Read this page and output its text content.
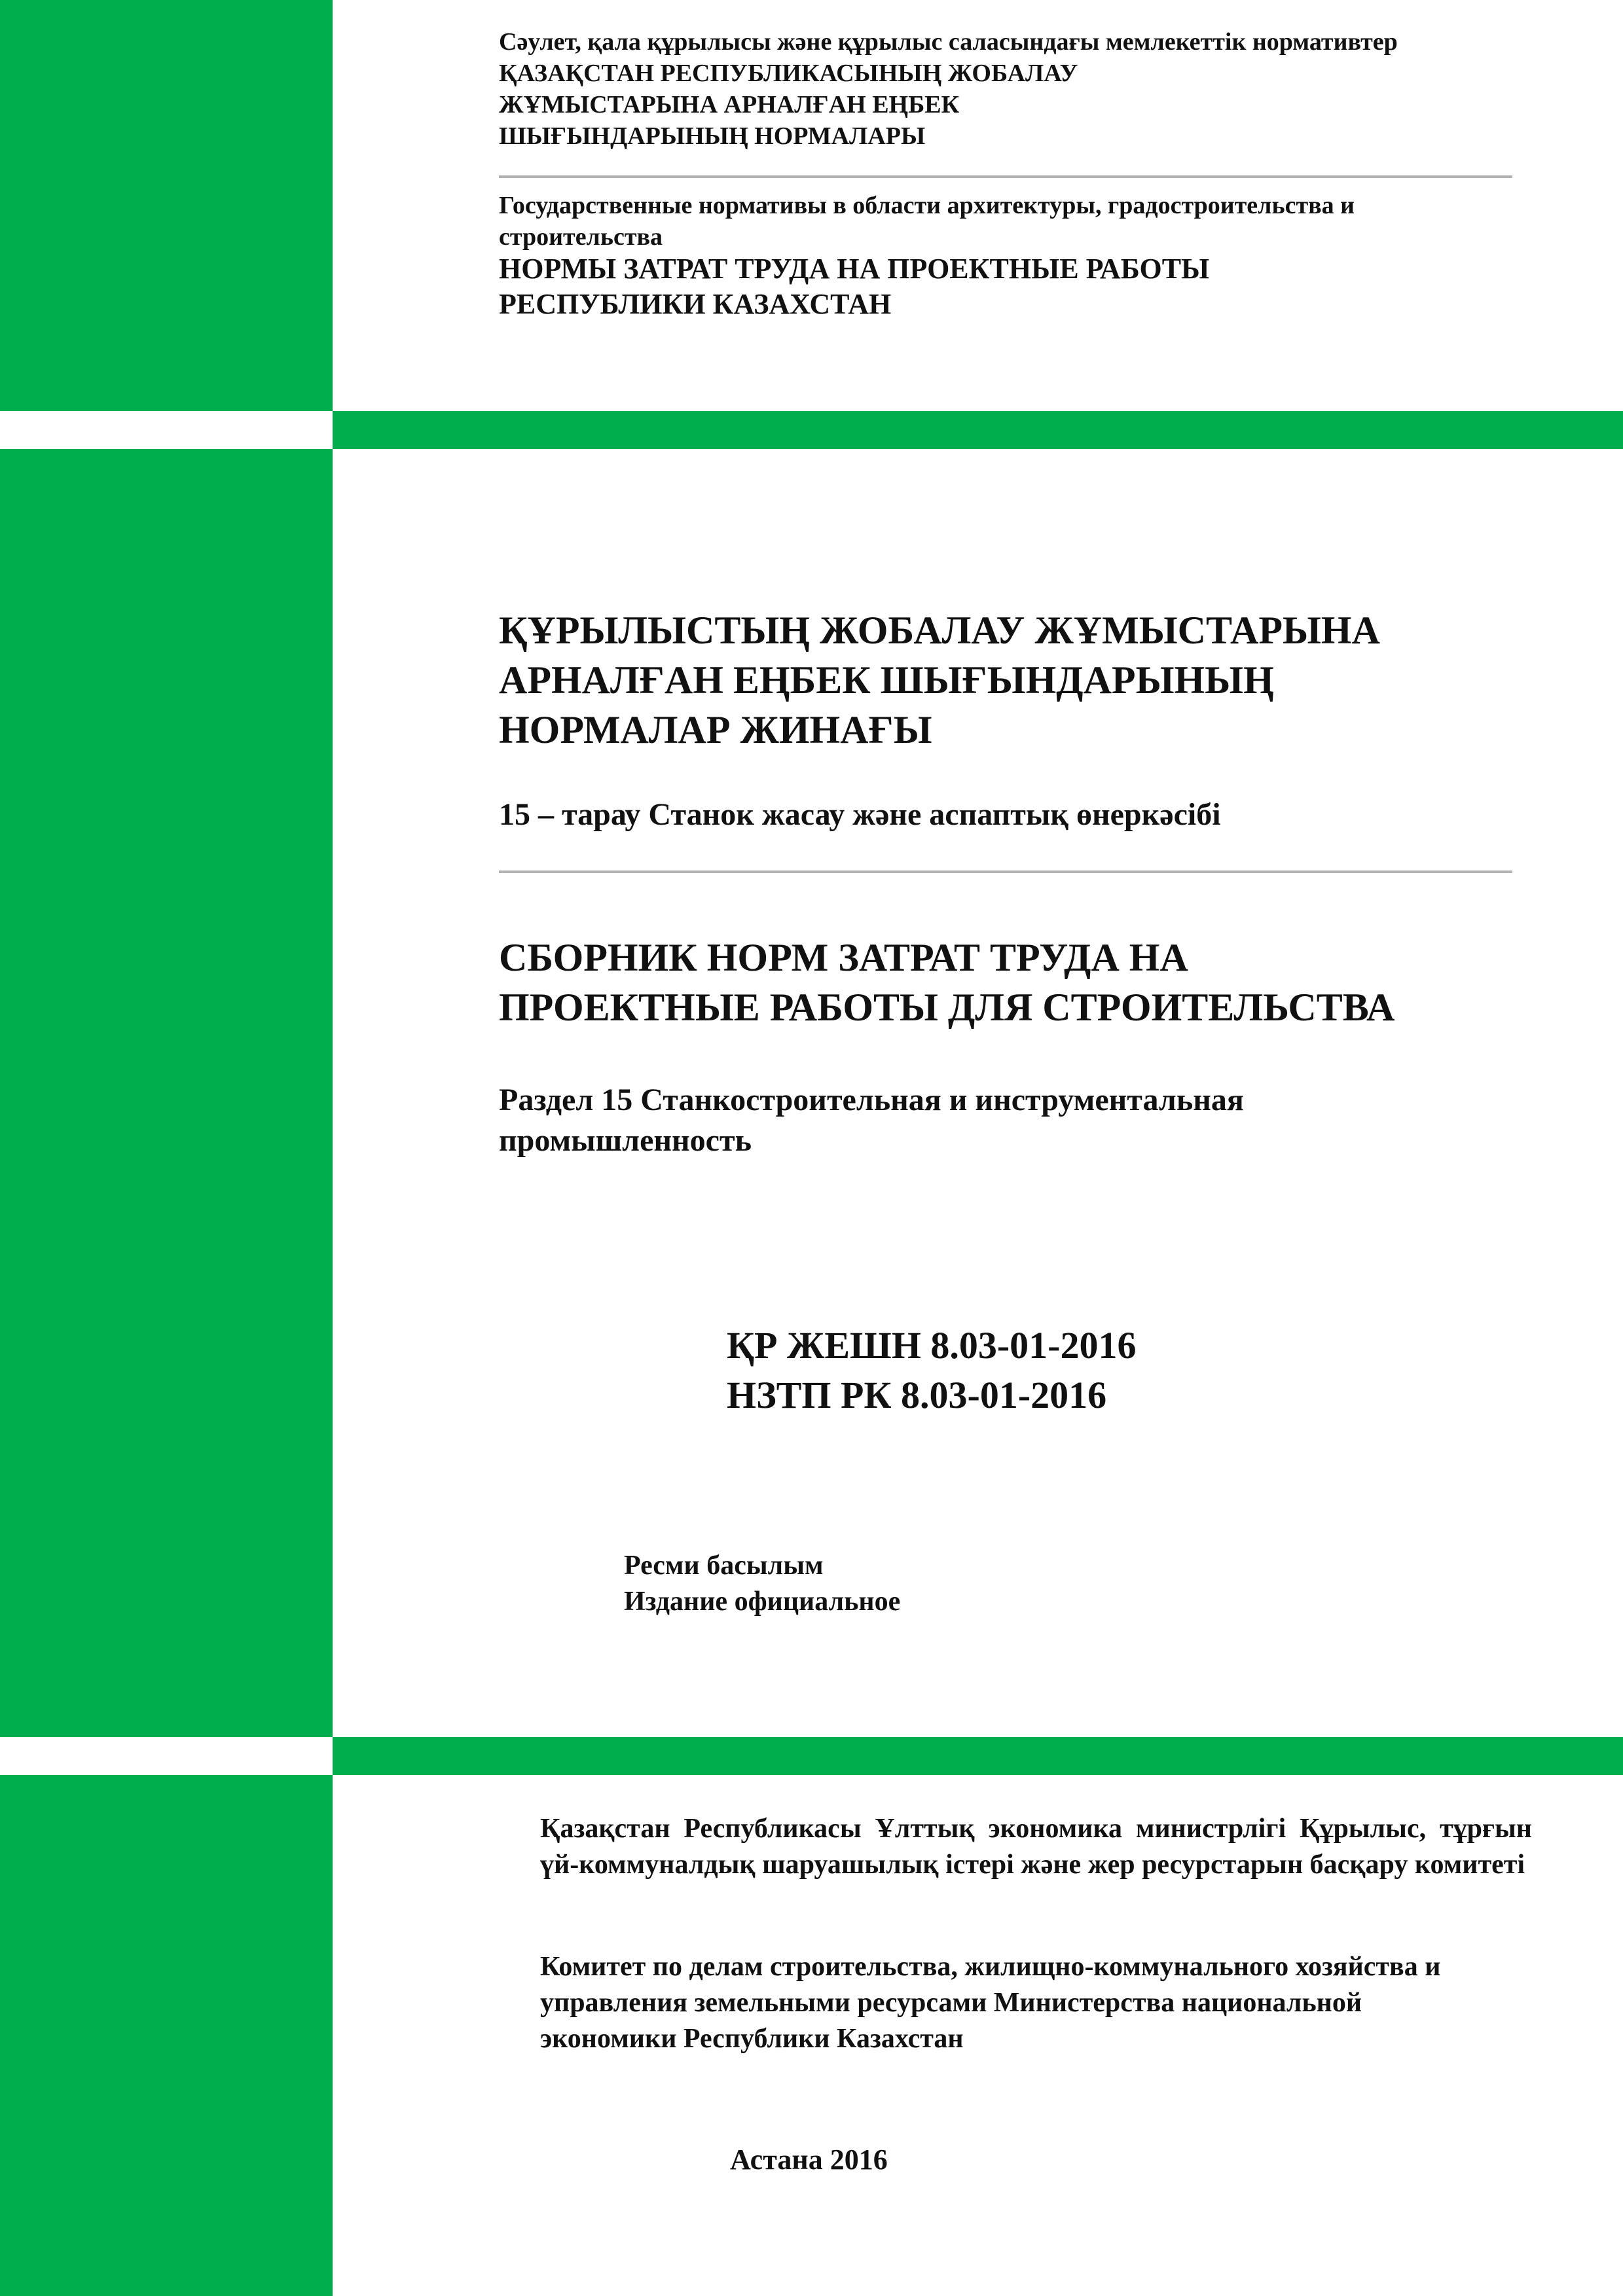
Сәулет, қала құрылысы және құрылыс саласындағы мемлекеттік нормативтер
ҚАЗАҚСТАН РЕСПУБЛИКАСЫНЫҢ ЖОБАЛАУ
ЖҰМЫСТАРЫНА АРНАЛҒАН ЕҢБЕК
ШЫҒЫНДАРЫНЫҢ НОРМАЛАРЫ
Государственные нормативы в области архитектуры, градостроительства и
строительства
НОРМЫ ЗАТРАТ ТРУДА НА ПРОЕКТНЫЕ РАБОТЫ
РЕСПУБЛИКИ КАЗАХСТАН
ҚҰРЫЛЫСТЫҢ ЖОБАЛАУ ЖҰМЫСТАРЫНА
АРНАЛҒАН ЕҢБЕК ШЫҒЫНДАРЫНЫҢ
НОРМАЛАР ЖИНАҒЫ
15 – тарау Станок жасау және аспаптық өнеркәсібі
СБОРНИК НОРМ ЗАТРАТ ТРУДА НА
ПРОЕКТНЫЕ РАБОТЫ ДЛЯ СТРОИТЕЛЬСТВА
Раздел 15 Станкостроительная и инструментальная
промышленность
ҚР ЖЕШН 8.03-01-2016
НЗТП РК 8.03-01-2016
Ресми басылым
Издание официальное
Қазақстан Республикасы Ұлттық экономика министрлігі Құрылыс, тұрғын үй-коммуналдық шаруашылық істері және жер ресурстарын басқару комитеті
Комитет по делам строительства, жилищно-коммунального хозяйства и
управления земельными ресурсами Министерства национальной
экономики Республики Казахстан
Астана 2016
